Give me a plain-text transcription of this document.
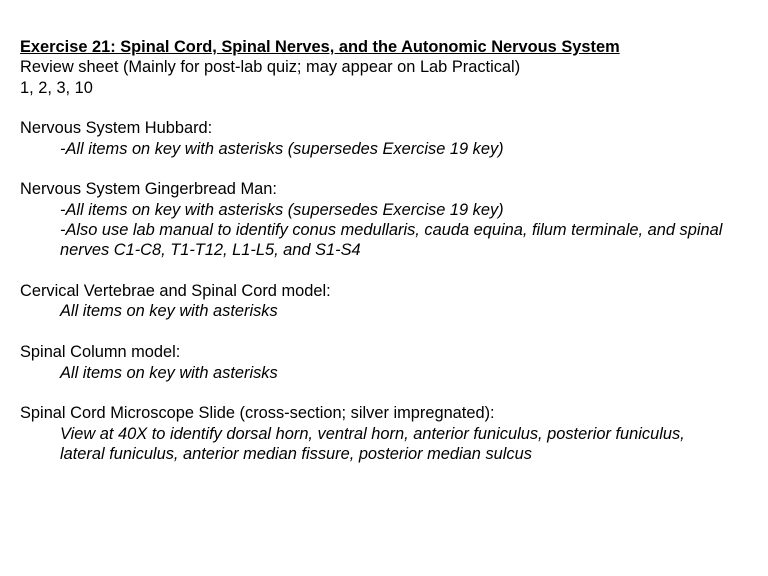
Exercise 21: Spinal Cord, Spinal Nerves, and the Autonomic Nervous System
Review sheet (Mainly for post-lab quiz; may appear on Lab Practical)
1, 2, 3, 10
Nervous System Hubbard:
-All items on key with asterisks (supersedes Exercise 19 key)
Nervous System Gingerbread Man:
-All items on key with asterisks (supersedes Exercise 19 key)
-Also use lab manual to identify conus medullaris, cauda equina, filum terminale, and spinal
nerves C1-C8, T1-T12, L1-L5, and S1-S4
Cervical Vertebrae and Spinal Cord model:
All items on key with asterisks
Spinal Column model:
All items on key with asterisks
Spinal Cord Microscope Slide (cross-section; silver impregnated):
View at 40X to identify dorsal horn, ventral horn, anterior funiculus, posterior funiculus,
lateral funiculus, anterior median fissure, posterior median sulcus
